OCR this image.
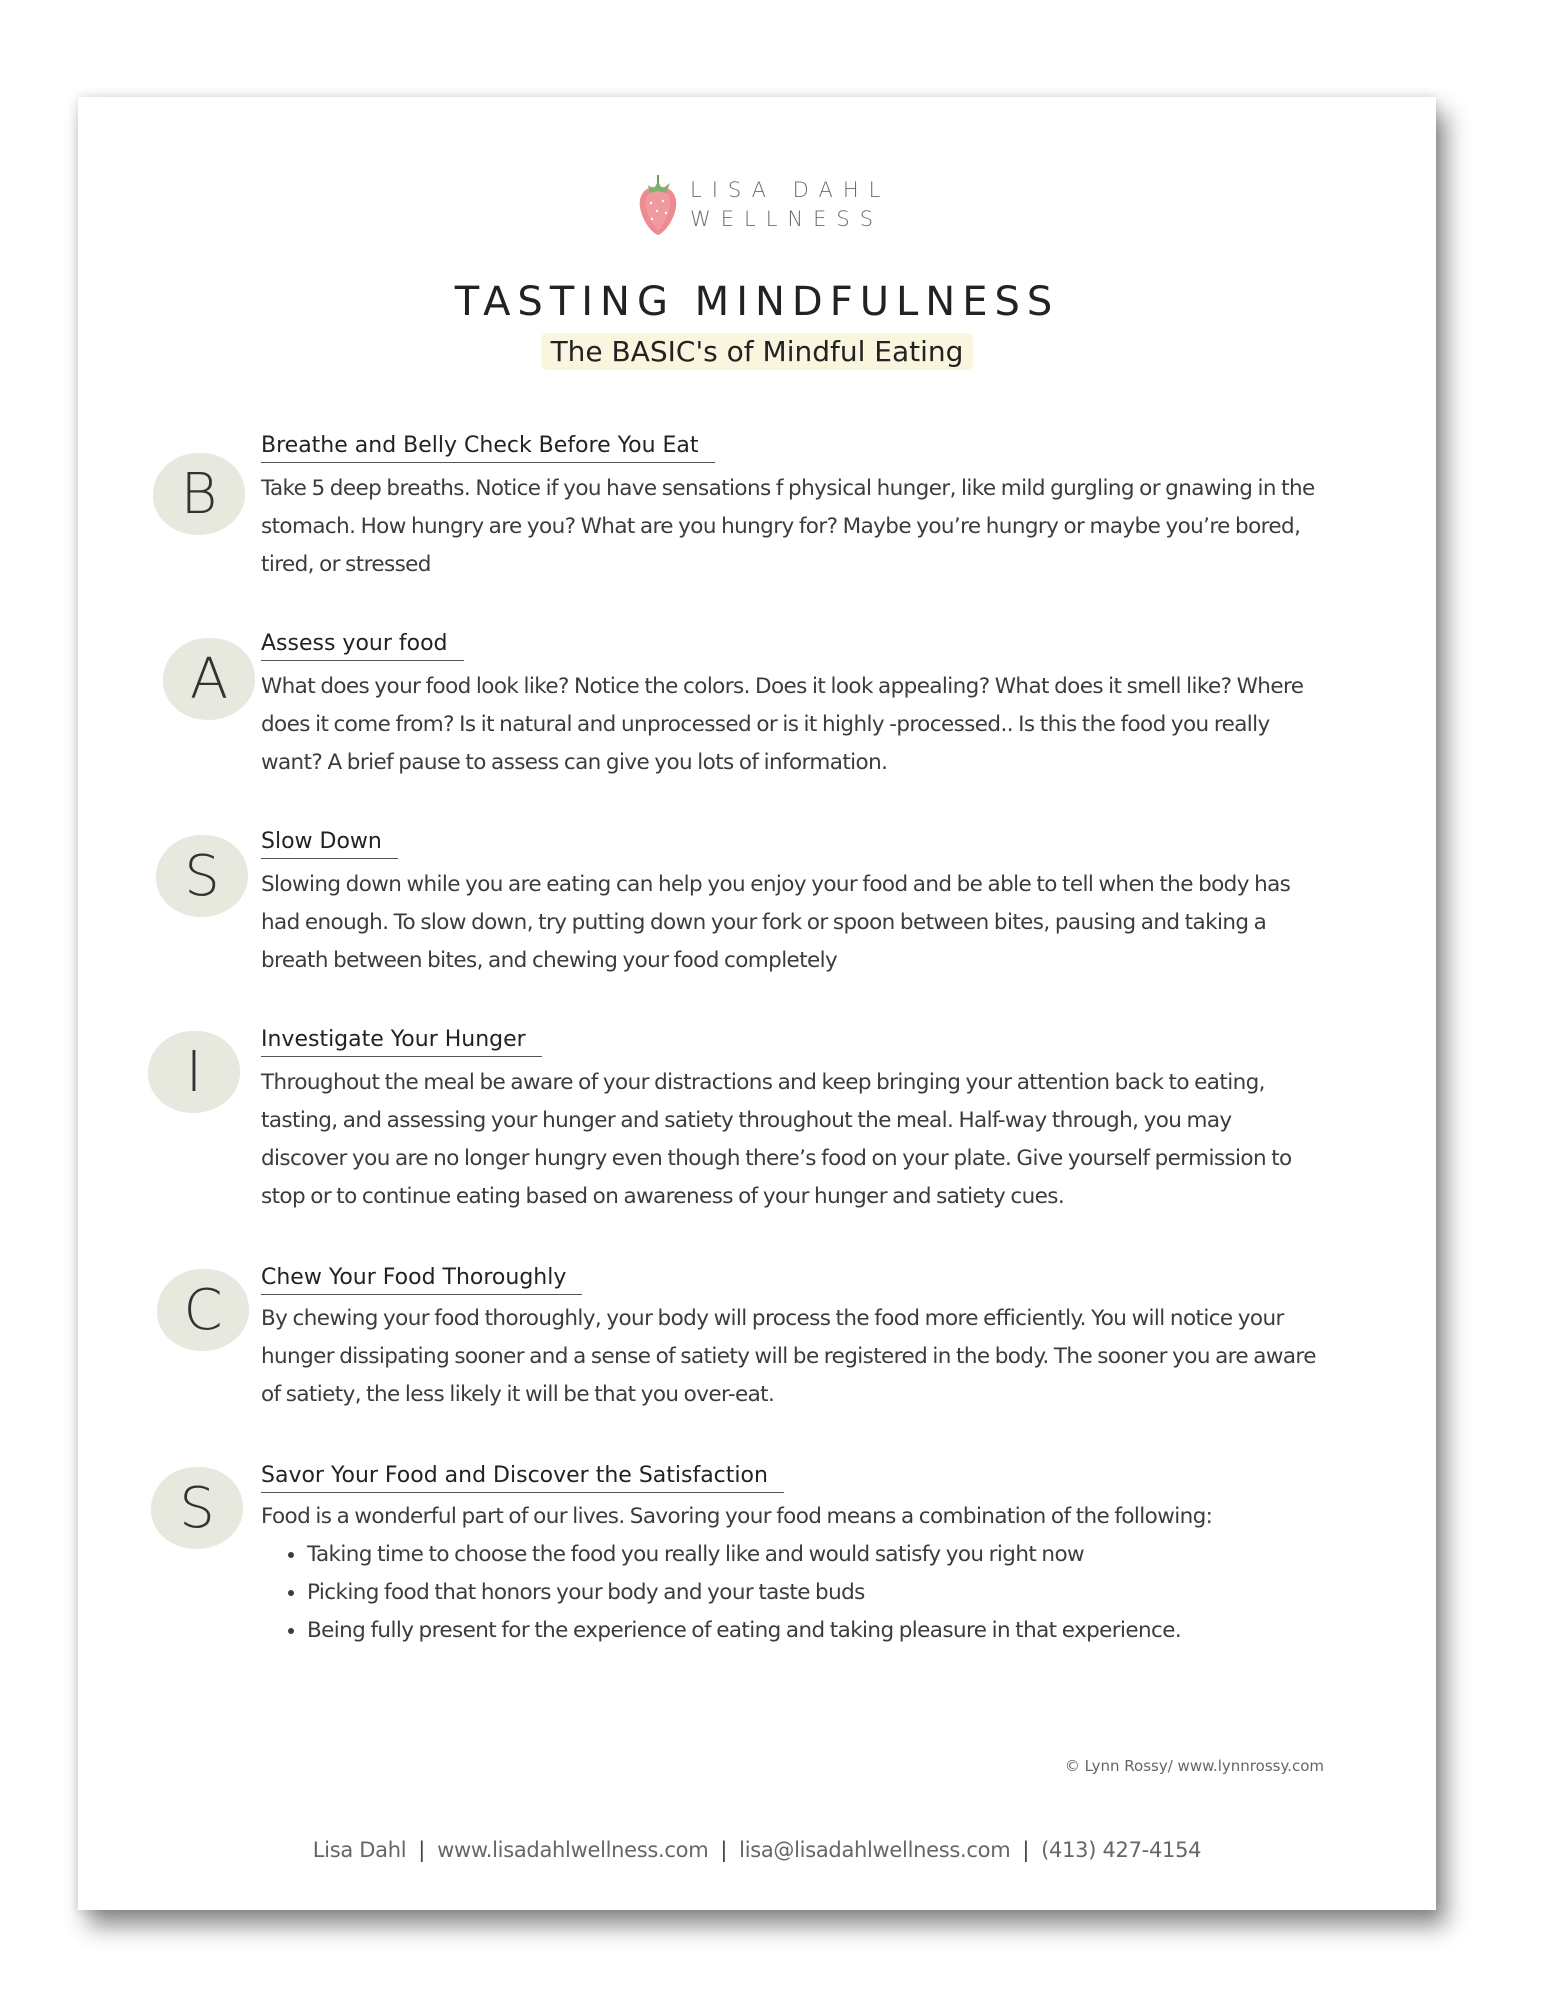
LISA DAHL
WELLNESS
TASTING MINDFULNESS
The BASIC's of Mindful Eating
B
Breathe and Belly Check Before You Eat
Take 5 deep breaths. Notice if you have sensations f physical hunger, like mild gurgling or gnawing in the stomach. How hungry are you? What are you hungry for? Maybe you’re hungry or maybe you’re bored, tired, or stressed
A
Assess your food
What does your food look like? Notice the colors. Does it look appealing? What does it smell like? Where does it come from? Is it natural and unprocessed or is it highly -processed.. Is this the food you really want? A brief pause to assess can give you lots of information.
S
Slow Down
Slowing down while you are eating can help you enjoy your food and be able to tell when the body has had enough. To slow down, try putting down your fork or spoon between bites, pausing and taking a breath between bites, and chewing your food completely
I	Investigate Your Hunger
Throughout the meal be aware of your distractions and keep bringing your attention back to eating, tasting, and assessing your hunger and satiety throughout the meal. Half-way through, you may discover you are no longer hungry even though there’s food on your plate. Give yourself permission to stop or to continue eating based on awareness of your hunger and satiety cues.
C	Chew Your Food Thoroughly
By chewing your food thoroughly, your body will process the food more efficiently. You will notice your hunger dissipating sooner and a sense of satiety will be registered in the body. The sooner you are aware of satiety, the less likely it will be that you over-eat.
S	Savor Your Food and Discover the Satisfaction
Food is a wonderful part of our lives. Savoring your food means a combination of the following:
• Taking time to choose the food you really like and would satisfy you right now
• Picking food that honors your body and your taste buds
• Being fully present for the experience of eating and taking pleasure in that experience.
© Lynn Rossy/ www.lynnrossy.com
Lisa Dahl | www.lisadahlwellness.com | lisa@lisadahlwellness.com | (413) 427-4154
